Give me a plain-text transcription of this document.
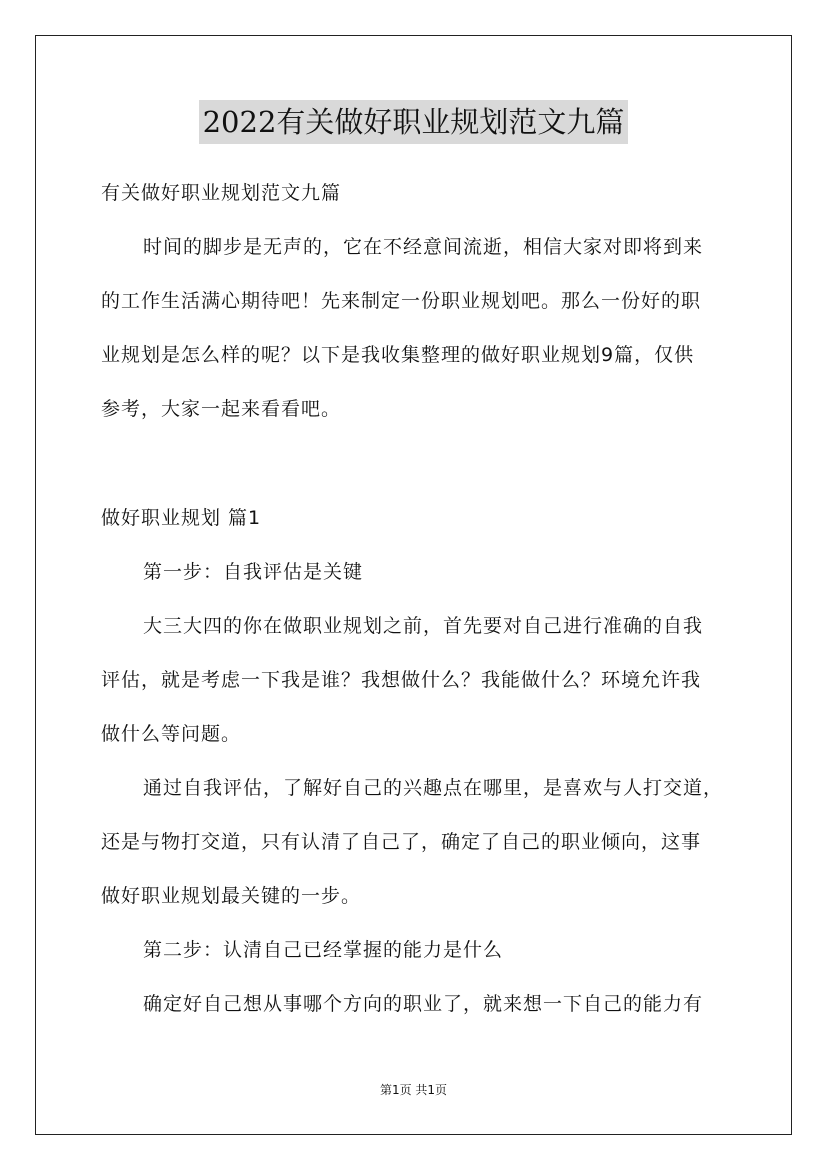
2022有关做好职业规划范文九篇
有关做好职业规划范文九篇
时间的脚步是无声的，它在不经意间流逝，相信大家对即将到来
的工作生活满心期待吧！先来制定一份职业规划吧。那么一份好的职
业规划是怎么样的呢？以下是我收集整理的做好职业规划9篇，仅供
参考，大家一起来看看吧。
做好职业规划 篇1
第一步：自我评估是关键
大三大四的你在做职业规划之前，首先要对自己进行准确的自我
评估，就是考虑一下我是谁？我想做什么？我能做什么？环境允许我
做什么等问题。
通过自我评估，了解好自己的兴趣点在哪里，是喜欢与人打交道，
还是与物打交道，只有认清了自己了，确定了自己的职业倾向，这事
做好职业规划最关键的一步。
第二步：认清自己已经掌握的能力是什么
确定好自己想从事哪个方向的职业了，就来想一下自己的能力有
第1页 共1页
